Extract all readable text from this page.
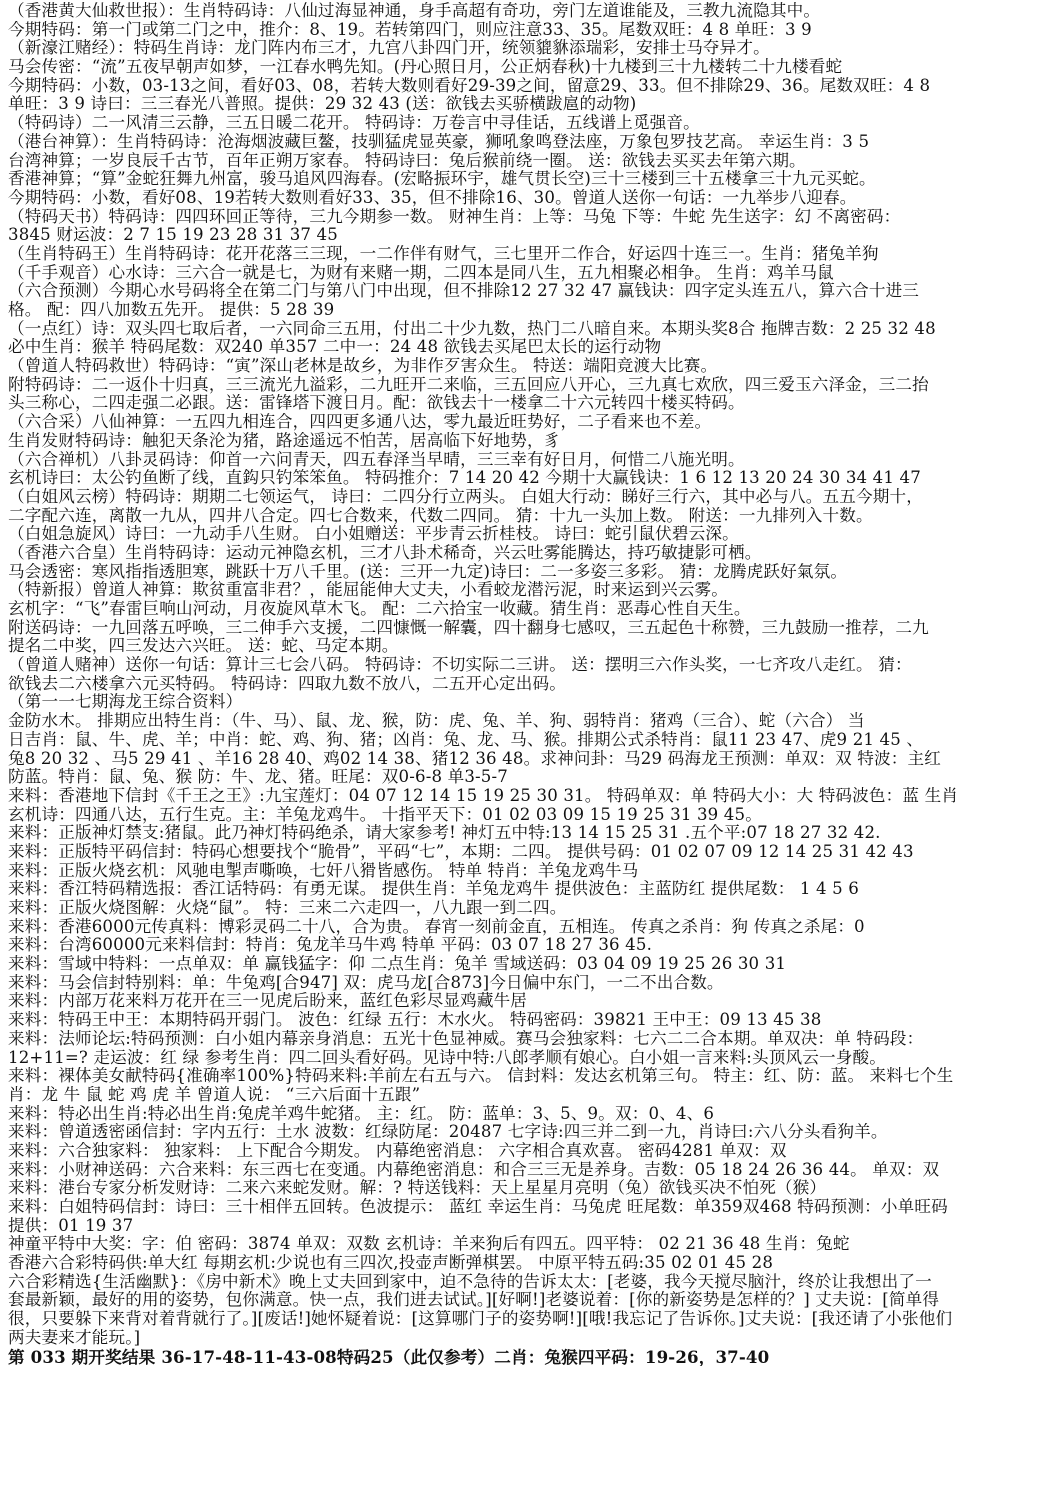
（香港黄大仙救世报）：生肖特码诗：八仙过海显神通，身手高超有奇功，旁门左道谁能及，三教九流隐其中。
今期特码：第一门或第二门之中，推介：8、19。若转第四门，则应注意33、35。尾数双旺：4 8 单旺：3 9
（新濠江赌经）：特码生肖诗：龙门阵内布三才，九宫八卦四门开，统领貔貅添瑞彩，安排士马夺异才。
马会传密：“流”五夜早朝声如梦，一江春水鸭先知。(丹心照日月，公正炳春秋)十九楼到三十九楼转二十九楼看蛇
今期特码：小数，03-13之间，看好03、08，若转大数则看好29-39之间，留意29、33。但不排除29、36。尾数双旺：4 8
单旺：3 9 诗曰：三三春光八普照。提供：29 32 43 (送：欲钱去买骄横跋扈的动物)
（特码诗）二一风清三云静，三五日暖二花开。 特码诗：万卷言中寻佳话，五线谱上觅强音。
（港台神算）：生肖特码诗：沧海烟波藏巨鳌，技驯猛虎显英豪，狮吼象鸣登法座，万象包罗技艺高。 幸运生肖：3 5
台湾神算；一岁良辰千古节，百年正朔万家春。 特码诗曰：兔后猴前绕一圈。 送：欲钱去买买去年第六期。
香港神算；“算”金蛇狂舞九州富，骏马追风四海春。(宏略振环宇，雄气贯长空)三十三楼到三十五楼拿三十九元买蛇。
今期特码：小数，看好08、19若转大数则看好33、35，但不排除16、30。曾道人送你一句话：一九举步八迎春。
（特码天书）特码诗：四四环回正等待，三九今期参一数。 财神生肖：上等：马兔 下等：牛蛇 先生送字：幻 不离密码：
3845 财运波：2 7 15 19 23 28 31 37 45
（生肖特码王）生肖特码诗：花开花落三三现，一二作伴有财气，三七里开二作合，好运四十连三一。生肖：猪兔羊狗
（千手观音）心水诗：三六合一就是七，为财有来赌一期，二四本是同八生，五九相聚必相争。 生肖：鸡羊马鼠
（六合预测）今期心水号码将全在第二门与第八门中出现，但不排除12 27 32 47 赢钱诀：四字定头连五八，算六合十进三
格。 配：四八加数五先开。 提供：5 28 39
（一点红）诗：双头四七取后者，一六同命三五用，付出二十少九数，热门二八暗自来。本期头奖8合 拖牌吉数：2 25 32 48
必中生肖：猴羊 特码尾数：双240 单357 二中一：24 48 欲钱去买尾巴太长的运行动物
（曾道人特码救世）特码诗：“寅”深山老林是故乡，为非作歹害众生。 特送：端阳竞渡大比赛。
附特码诗：二一返仆十归真，三三流光九溢彩，二九旺开二来临，三五回应八开心，三九真七欢欣，四三爱玉六泽金，三二抬
头三称心，二四走强二必跟。送：雷锋塔下渡日月。配：欲钱去十一楼拿二十六元转四十楼买特码。
（六合采）八仙神算：一五四九相连合，四四更多通八达，零九最近旺势好，二子看来也不差。
生肖发财特码诗：触犯天条沦为猪，路途遥远不怕苦，居高临下好地势，豸
（六合禅机）八卦灵码诗：仰首一六问青天，四五春泽当早晴，三三幸有好日月，何惜二八施光明。
玄机诗曰：太公钓鱼断了线，直鈎只钓笨笨鱼。 特码推介：7 14 20 42 今期十大赢钱诀：1 6 12 13 20 24 30 34 41 47
（白姐风云榜）特码诗：期期二七领运气， 诗曰：二四分行立两头。 白姐大行动：睇好三行六，其中必与八。五五今期十，
二字配六连，离散一九从，四井八合定。四七合数来，代数二四同。 猜：十九一头加上数。 附送：一九排列入十数。
（白姐急旋风）诗曰：一九动手八生财。 白小姐赠送：平步青云折桂枝。 诗曰：蛇引鼠伏碧云深。
（香港六合皇）生肖特码诗：运动元神隐玄机，三才八卦术稀奇，兴云吐雾能腾达，持巧敏捷影可栖。
马会透密：寒风指指透胆寒，跳跃十万八千里。(送：三开一九定)诗曰：二一多姿三多彩。 猜：龙腾虎跃好氣氛。
（特新报）曾道人神算：欺贫重富非君？，能屈能伸大丈夫，小看蛟龙潜污泥，时来运到兴云雾。
玄机字：“飞”春雷巨响山河动，月夜旋风草木飞。 配：二六拾宝一收藏。猜生肖：恶毒心性自天生。
附送码诗：一九回落五呼唤，三二伸手六支援，二四慷慨一解囊，四十翻身七感叹，三五起色十称赞，三九鼓励一推荐，二九
提名二中奖，四三发达六兴旺。 送：蛇、马定本期。
（曾道人赌神）送你一句话：算计三七会八码。 特码诗：不切实际二三讲。 送：摆明三六作头奖，一七齐攻八走红。 猜：
欲钱去二六楼拿六元买特码。 特码诗：四取九数不放八，二五开心定出码。
（第一一七期海龙王综合资料）
金防水木。 排期应出特生肖：（牛、马）、鼠、龙、猴，防：虎、兔、羊、狗、弱特肖：猪鸡（三合）、蛇（六合） 当
日吉肖：鼠、牛、虎、羊；中肖：蛇、鸡、狗、猪；凶肖：兔、龙、马、猴。排期公式杀特肖：鼠11 23 47、虎9 21 45 、
兔8 20 32 、马5 29 41 、羊16 28 40、鸡02 14 38、猪12 36 48。求神问卦：马29 码海龙王预测：单双：双 特波：主红
防蓝。特肖：鼠、兔、猴 防：牛、龙、猪。旺尾：双0-6-8 单3-5-7
来料：香港地下信封《千王之王》:九宝莲灯：04 07 12 14 15 19 25 30 31。 特码单双：单 特码大小：大 特码波色：蓝 生肖
玄机诗：四通八达，五行生克。主：羊兔龙鸡牛。 十指平天下：01 02 03 09 15 19 25 31 39 45。
来料：正版神灯禁支:猪鼠。此乃神灯特码绝杀，请大家参考! 神灯五中特:13 14 15 25 31 .五个平:07 18 27 32 42.
来料：正版特平码信封：特码心想要找个“脆骨”，平码“七”，本期：二四。 提供号码：01 02 07 09 12 14 25 31 42 43
来料：正版火烧玄机：风驰电掣声嘶唤，七奸八猾皆感伤。 特单 特肖：羊兔龙鸡牛马
来料：香江特码精选报：香江话特码：有勇无谋。 提供生肖：羊兔龙鸡牛 提供波色：主蓝防红 提供尾数： 1 4 5 6
来料：正版火烧图解：火烧“鼠”。 特：三来二六走四一，八九跟一到二四。
来料：香港6000元传真料：博彩灵码二十八，合为贵。 春宵一刻前金直，五相连。 传真之杀肖：狗 传真之杀尾：0
来料：台湾60000元来料信封：特肖：兔龙羊马牛鸡 特单 平码：03 07 18 27 36 45.
来料：雪域中特料：一点单双：单 赢钱猛字：仰 二点生肖：兔羊 雪域送码：03 04 09 19 25 26 30 31
来料：马会信封特别料：单：牛兔鸡[合947] 双：虎马龙[合873]今日偏中东门，一二不出合数。
来料：内部万花来料万花开在三一见虎后盼来，蓝红色彩尽显鸡藏牛居
来料：特码王中王：本期特码开弱门。 波色：红绿 五行：木水火。 特码密码：39821 王中王：09 13 45 38
来料：法师论坛:特码预测：白小姐内幕亲身消息：五光十色显神威。赛马会独家料：七六二二合本期。单双决：单 特码段：
12+11=? 走运波：红 绿 参考生肖：四二回头看好码。见诗中特:八郎孝顺有娘心。白小姐一言来料:头顶风云一身酸。
来料：裸体美女献特码{准确率100%}特码来料:羊前左右五与六。 信封料：发达玄机第三句。 特主：红、防：蓝。 来料七个生
肖：龙 牛 鼠 蛇 鸡 虎 羊 曾道人说： “三六后面十五跟”
来料：特必出生肖:特必出生肖:兔虎羊鸡牛蛇猪。 主：红。 防：蓝单：3、5、9。双：0、4、6
来料：曾道透密函信封：字内五行：土水 波数：红绿防尾：20487 七字诗:四三并二到一九，肖诗曰:六八分头看狗羊。
来料：六合独家料： 独家料： 上下配合今期发。 内幕绝密消息： 六字相合真欢喜。 密码4281 单双：双
来料：小财神送码：六合来料：东三西七在变通。内幕绝密消息：和合三三无是养身。吉数：05 18 24 26 36 44。 单双：双
来料：港台专家分析发财诗：二来六来蛇发财。解：? 特送钱料：天上星星月亮明（兔）欲钱买决不怕死（猴）
来料：白姐特码信封：诗曰：三十相伴五回转。色波提示： 蓝红 幸运生肖：马兔虎 旺尾数：单359双468 特码预测：小单旺码
提供：01 19 37
神童平特中大奖：字：伯 密码：3874 单双：双数 玄机诗：羊来狗后有四五。四平特： 02 21 36 48 生肖：兔蛇
香港六合彩特码供:单大红 每期玄机:少说也有三四次,投壶声断弹棋罢。 中原平特五码:35 02 01 45 28
六合彩精选{生活幽默}：《房中新术》晚上丈夫回到家中，迫不急待的告诉太太：[老婆，我今天搅尽脑汁，终於让我想出了一
套最新颖，最好的用的姿势，包你满意。快一点，我们进去试试。][好啊!]老婆说着：[你的新姿势是怎样的？] 丈夫说：[简单得
很，只要躲下来背对着背就行了。][废话!]她怀疑着说：[这算哪门子的姿势啊!][哦!我忘记了告诉你。]丈夫说：[我还请了小张他们
两夫妻来才能玩。]
第 033 期开奖结果 36-17-48-11-43-08特码25（此仅参考）二肖：兔猴四平码：19-26，37-40
